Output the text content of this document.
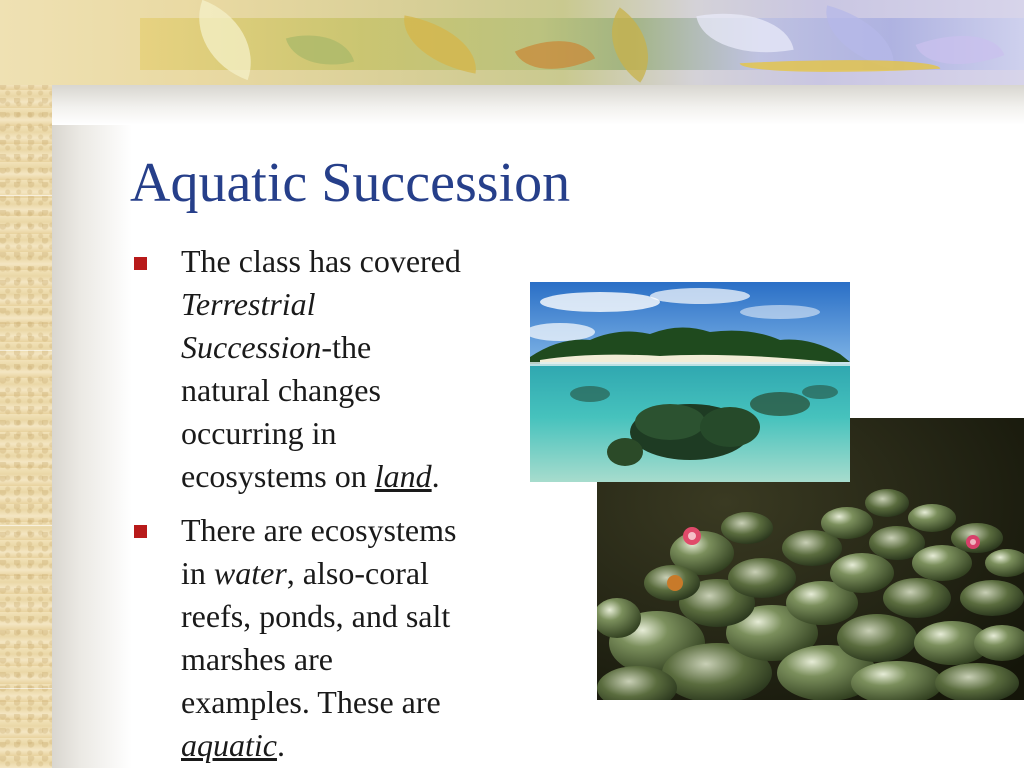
Aquatic Succession
The class has covered
Terrestrial
Succession-the
natural changes
occurring in
ecosystems on land.
There are ecosystems
in water, also-coral
reefs, ponds, and salt
marshes are
examples. These are
aquatic.
